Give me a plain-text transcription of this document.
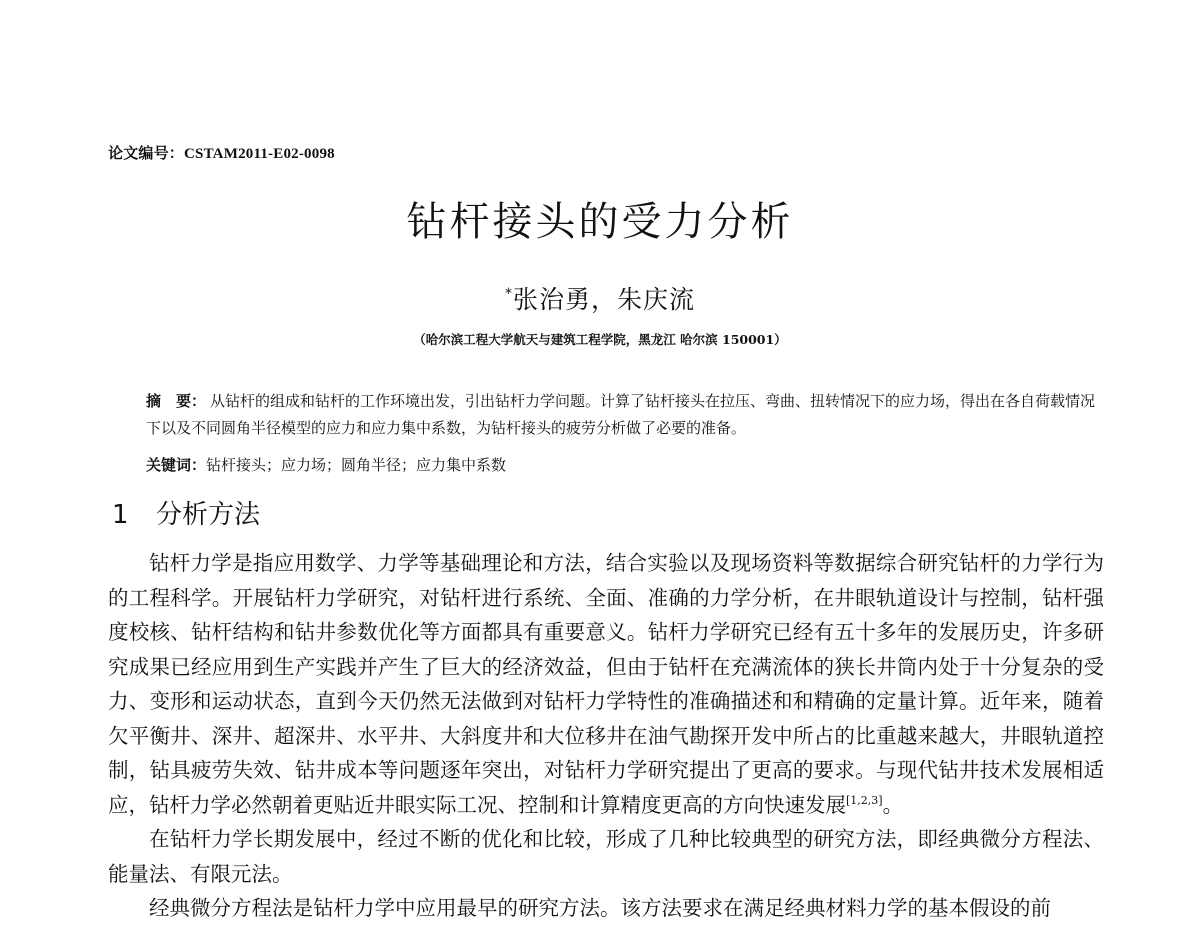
论文编号：CSTAM2011-E02-0098
钻杆接头的受力分析
*张治勇，朱庆流
（哈尔滨工程大学航天与建筑工程学院，黑龙江 哈尔滨 150001）
摘　要： 从钻杆的组成和钻杆的工作环境出发，引出钻杆力学问题。计算了钻杆接头在拉压、弯曲、扭转情况下的应力场，得出在各自荷载情况下以及不同圆角半径模型的应力和应力集中系数，为钻杆接头的疲劳分析做了必要的准备。
关键词：钻杆接头；应力场；圆角半径；应力集中系数
1 分析方法

钻杆力学是指应用数学、力学等基础理论和方法，结合实验以及现场资料等数据综合研究钻杆的力学行为的工程科学。开展钻杆力学研究，对钻杆进行系统、全面、准确的力学分析，在井眼轨道设计与控制，钻杆强度校核、钻杆结构和钻井参数优化等方面都具有重要意义。钻杆力学研究已经有五十多年的发展历史，许多研究成果已经应用到生产实践并产生了巨大的经济效益，但由于钻杆在充满流体的狭长井筒内处于十分复杂的受力、变形和运动状态，直到今天仍然无法做到对钻杆力学特性的准确描述和和精确的定量计算。近年来，随着欠平衡井、深井、超深井、水平井、大斜度井和大位移井在油气勘探开发中所占的比重越来越大，井眼轨道控制，钻具疲劳失效、钻井成本等问题逐年突出，对钻杆力学研究提出了更高的要求。与现代钻井技术发展相适应，钻杆力学必然朝着更贴近井眼实际工况、控制和计算精度更高的方向快速发展[1,2,3]。

在钻杆力学长期发展中，经过不断的优化和比较，形成了几种比较典型的研究方法，即经典微分方程法、能量法、有限元法。

经典微分方程法是钻杆力学中应用最早的研究方法。该方法要求在满足经典材料力学的基本假设的前
